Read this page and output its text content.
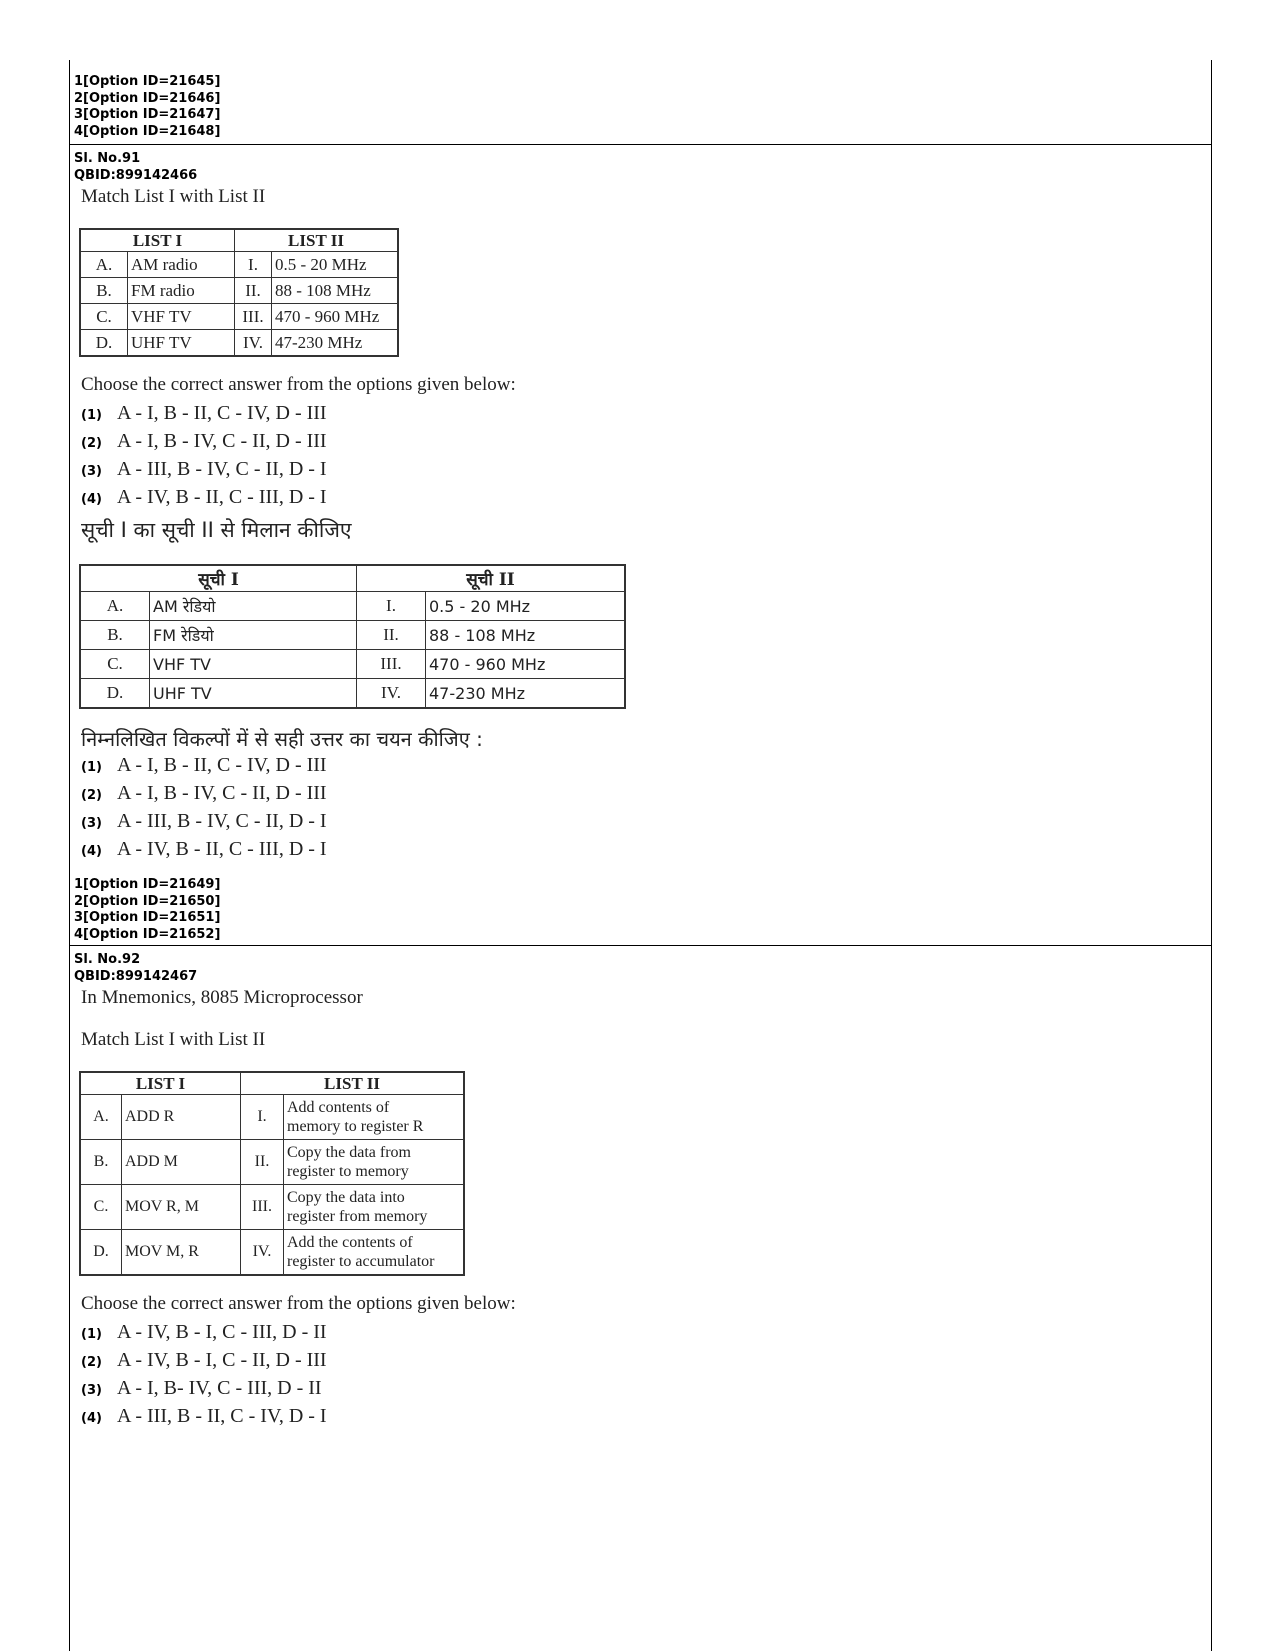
1[Option ID=21645]
2[Option ID=21646]
3[Option ID=21647]
4[Option ID=21648]
Sl. No.91
QBID:899142466
Match List I with List II
LIST I		LIST II	
A.	AM radio	I.	0.5 - 20 MHz
B.	FM radio	II.	88 - 108 MHz
C.	VHF TV	III.	470 - 960 MHz
D.	UHF TV	IV.	47-230 MHz
Choose the correct answer from the options given below:
(1) A - I, B - II, C - IV, D - III
(2) A - I, B - IV, C - II, D - III
(3) A - III, B - IV, C - II, D - I
(4) A - IV, B - II, C - III, D - I
सूची I का सूची II से मिलान कीजिए
सूची I		सूची II	
A.	AM रेडियो	I.	0.5 - 20 MHz
B.	FM रेडियो	II.	88 - 108 MHz
C.	VHF TV	III.	470 - 960 MHz
D.	UHF TV	IV.	47-230 MHz
निम्नलिखित विकल्पों में से सही उत्तर का चयन कीजिए :
(1) A - I, B - II, C - IV, D - III
(2) A - I, B - IV, C - II, D - III
(3) A - III, B - IV, C - II, D - I
(4) A - IV, B - II, C - III, D - I
1[Option ID=21649]
2[Option ID=21650]
3[Option ID=21651]
4[Option ID=21652]
Sl. No.92
QBID:899142467
In Mnemonics, 8085 Microprocessor
Match List I with List II
LIST I		LIST II	
A.	ADD R	I.	Add contents of
memory to register R

B.	ADD M	II.	Copy the data from
register to memory

C.	MOV R, M	III.	Copy the data into
register from memory

D.	MOV M, R	IV.	Add the contents of
register to accumulator
Choose the correct answer from the options given below:
(1) A - IV, B - I, C - III, D - II
(2) A - IV, B - I, C - II, D - III
(3) A - I, B- IV, C - III, D - II
(4) A - III, B - II, C - IV, D - I
